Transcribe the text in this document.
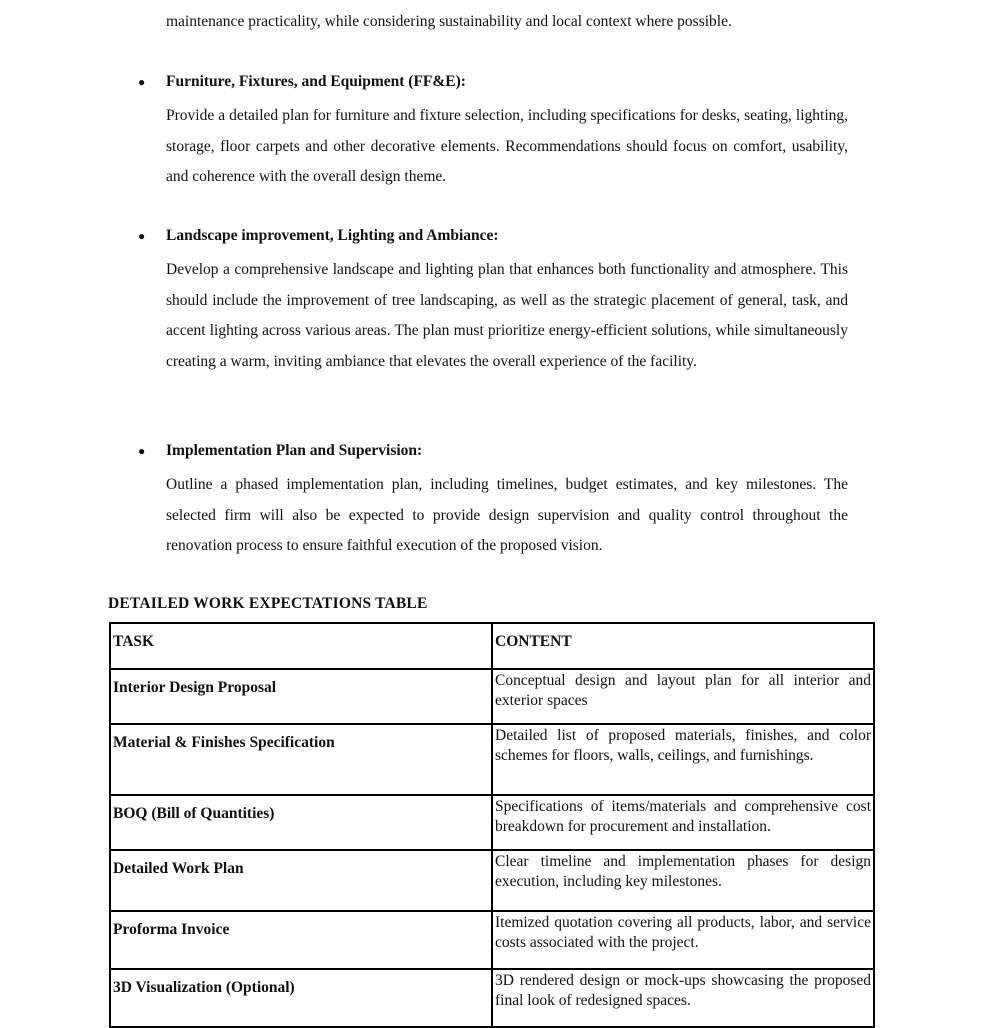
maintenance practicality, while considering sustainability and local context where possible.

● Furniture, Fixtures, and Equipment (FF&E):

Provide a detailed plan for furniture and fixture selection, including specifications for desks, seating, lighting, storage, floor carpets and other decorative elements. Recommendations should focus on comfort, usability, and coherence with the overall design theme.

● Landscape improvement, Lighting and Ambiance:

Develop a comprehensive landscape and lighting plan that enhances both functionality and atmosphere. This should include the improvement of tree landscaping, as well as the strategic placement of general, task, and accent lighting across various areas. The plan must prioritize energy-efficient solutions, while simultaneously creating a warm, inviting ambiance that elevates the overall experience of the facility.

● Implementation Plan and Supervision:

Outline a phased implementation plan, including timelines, budget estimates, and key milestones. The selected firm will also be expected to provide design supervision and quality control throughout the renovation process to ensure faithful execution of the proposed vision.

DETAILED WORK EXPECTATIONS TABLE

TASK	CONTENT
Interior Design Proposal	Conceptual design and layout plan for all interior and exterior spaces
Material & Finishes Specification	Detailed list of proposed materials, finishes, and color schemes for floors, walls, ceilings, and furnishings.
BOQ (Bill of Quantities)	Specifications of items/materials and comprehensive cost breakdown for procurement and installation.
Detailed Work Plan	Clear timeline and implementation phases for design execution, including key milestones.
Proforma Invoice	Itemized quotation covering all products, labor, and service costs associated with the project.
3D Visualization (Optional)	3D rendered design or mock-ups showcasing the proposed final look of redesigned spaces.
